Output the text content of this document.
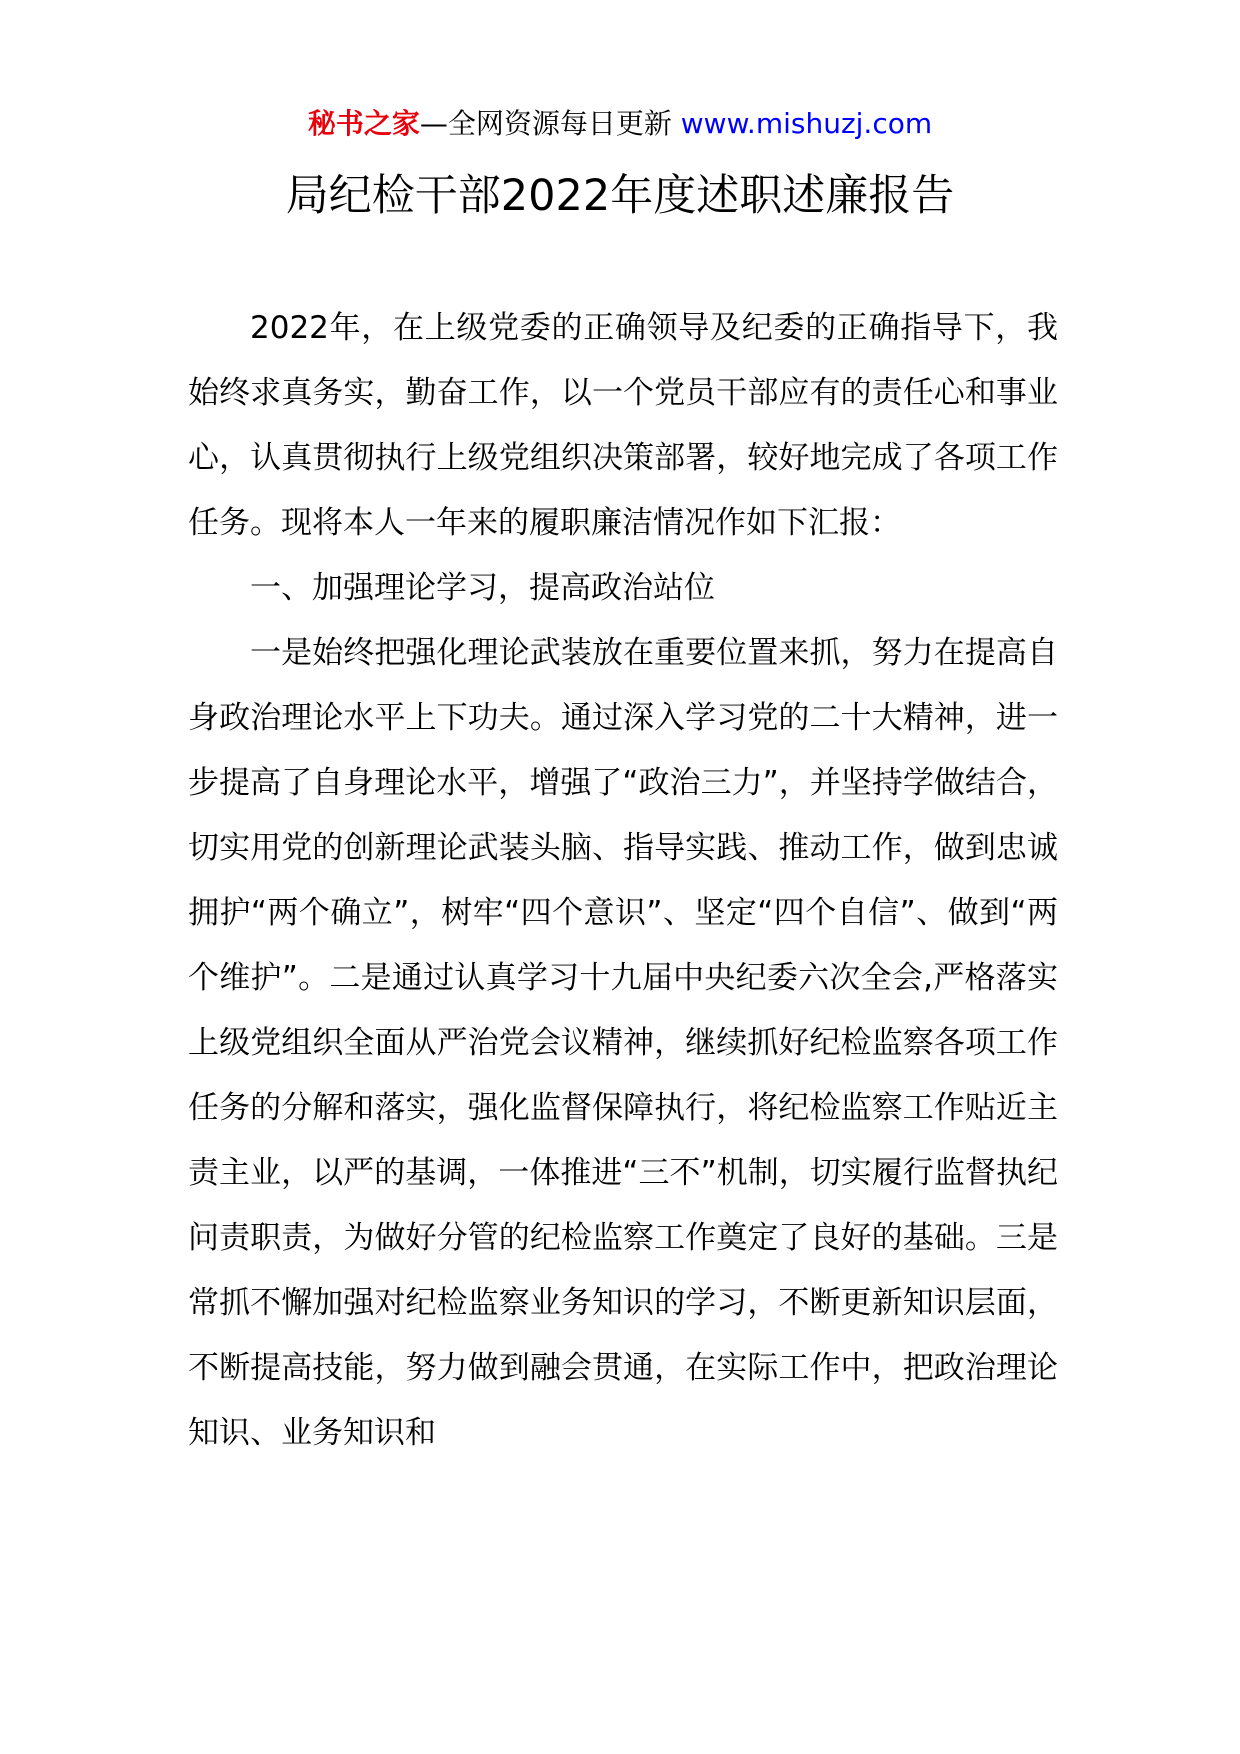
秘书之家—全网资源每日更新 www.mishuzj.com
局纪检干部2022年度述职述廉报告

2022年，在上级党委的正确领导及纪委的正确指导下，我始终求真务实，勤奋工作，以一个党员干部应有的责任心和事业心，认真贯彻执行上级党组织决策部署，较好地完成了各项工作任务。现将本人一年来的履职廉洁情况作如下汇报：

一、加强理论学习，提高政治站位

一是始终把强化理论武装放在重要位置来抓，努力在提高自身政治理论水平上下功夫。通过深入学习党的二十大精神，进一步提高了自身理论水平，增强了“政治三力”，并坚持学做结合，切实用党的创新理论武装头脑、指导实践、推动工作，做到忠诚拥护“两个确立”，树牢“四个意识”、坚定“四个自信”、做到“两个维护”。二是通过认真学习十九届中央纪委六次全会,严格落实上级党组织全面从严治党会议精神，继续抓好纪检监察各项工作任务的分解和落实，强化监督保障执行，将纪检监察工作贴近主责主业，以严的基调，一体推进“三不”机制，切实履行监督执纪问责职责，为做好分管的纪检监察工作奠定了良好的基础。三是常抓不懈加强对纪检监察业务知识的学习，不断更新知识层面，不断提高技能，努力做到融会贯通，在实际工作中，把政治理论知识、业务知识和
